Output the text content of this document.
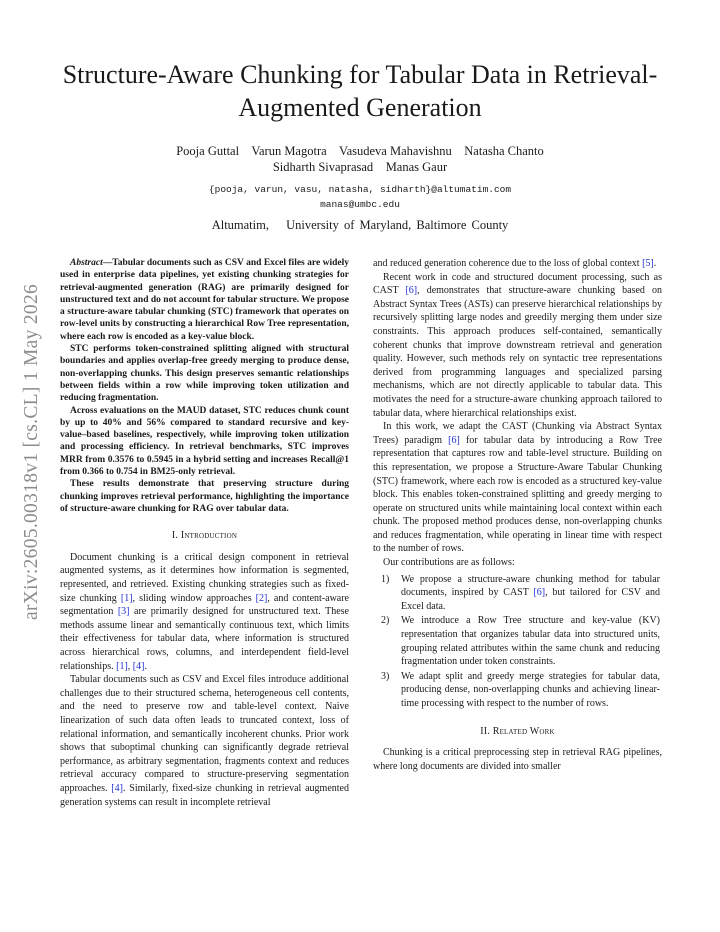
Structure-Aware Chunking for Tabular Data in Retrieval-Augmented Generation
Pooja Guttal Varun Magotra Vasudeva Mahavishnu Natasha Chanto
Sidharth Sivaprasad Manas Gaur
{pooja, varun, vasu, natasha, sidharth}@altumatim.com
manas@umbc.edu
Altumatim, University of Maryland, Baltimore County
arXiv:2605.00318v1 [cs.CL] 1 May 2026

Abstract—Tabular documents such as CSV and Excel files are widely used in enterprise data pipelines, yet existing chunking strategies for retrieval-augmented generation (RAG) are primarily designed for unstructured text and do not account for tabular structure. We propose a structure-aware tabular chunking (STC) framework that operates on row-level units by constructing a hierarchical Row Tree representation, where each row is encoded as a key-value block.

STC performs token-constrained splitting aligned with structural boundaries and applies overlap-free greedy merging to produce dense, non-overlapping chunks. This design preserves semantic relationships between fields within a row while improving token utilization and reducing fragmentation.

Across evaluations on the MAUD dataset, STC reduces chunk count by up to 40% and 56% compared to standard recursive and key-value–based baselines, respectively, while improving token utilization and processing efficiency. In retrieval benchmarks, STC improves MRR from 0.3576 to 0.5945 in a hybrid setting and increases Recall@1 from 0.366 to 0.754 in BM25-only retrieval.

These results demonstrate that preserving structure during chunking improves retrieval performance, highlighting the importance of structure-aware chunking for RAG over tabular data.

I. Introduction

Document chunking is a critical design component in retrieval augmented systems, as it determines how information is segmented, represented, and retrieved. Existing chunking strategies such as fixed-size chunking [1], sliding window approaches [2], and content-aware segmentation [3] are primarily designed for unstructured text. These methods assume linear and semantically continuous text, which limits their effectiveness for tabular data, where information is structured across hierarchical rows, columns, and interdependent field-level relationships. [1], [4].

Tabular documents such as CSV and Excel files introduce additional challenges due to their structured schema, heterogeneous cell contents, and the need to preserve row and table-level context. Naive linearization of such data often leads to truncated context, loss of relational information, and semantically incoherent chunks. Prior work shows that suboptimal chunking can significantly degrade retrieval performance, as arbitrary segmentation, fragments context and reduces retrieval accuracy compared to structure-preserving segmentation approaches. [4]. Similarly, fixed-size chunking in retrieval augmented generation systems can result in incomplete retrieval

and reduced generation coherence due to the loss of global context [5].

Recent work in code and structured document processing, such as CAST [6], demonstrates that structure-aware chunking based on Abstract Syntax Trees (ASTs) can preserve hierarchical relationships by recursively splitting large nodes and greedily merging them under size constraints. This approach produces self-contained, semantically coherent chunks that improve downstream retrieval and generation quality. However, such methods rely on syntactic tree representations derived from programming languages and specialized parsing mechanisms, which are not directly applicable to tabular data. This motivates the need for a structure-aware chunking approach tailored to tabular data, where hierarchical relationships exist.

In this work, we adapt the CAST (Chunking via Abstract Syntax Trees) paradigm [6] for tabular data by introducing a Row Tree representation that captures row and table-level structure. Building on this representation, we propose a Structure-Aware Tabular Chunking (STC) framework, where each row is encoded as a structured key-value block. This enables token-constrained splitting and greedy merging to operate on structured units while maintaining local context within each chunk. The proposed method produces dense, non-overlapping chunks and reduces fragmentation, while operating in linear time with respect to the number of rows.

Our contributions are as follows:

1) We propose a structure-aware chunking method for tabular documents, inspired by CAST [6], but tailored for CSV and Excel data.
2) We introduce a Row Tree structure and key-value (KV) representation that organizes tabular data into structured units, grouping related attributes within the same chunk and reducing fragmentation under token constraints.
3) We adapt split and greedy merge strategies for tabular data, producing dense, non-overlapping chunks and achieving linear-time processing with respect to the number of rows.
II. Related Work

Chunking is a critical preprocessing step in retrieval RAG pipelines, where long documents are divided into smaller
